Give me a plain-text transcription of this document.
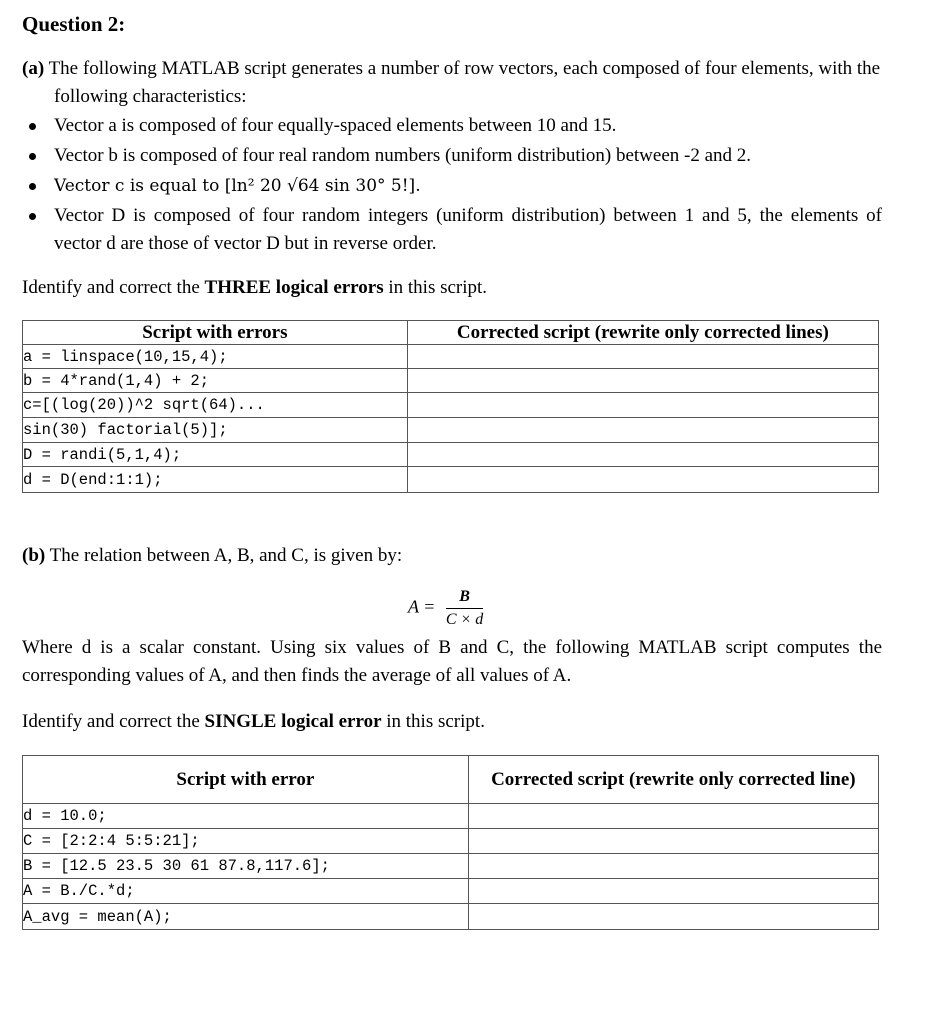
Question 2:
(a) The following MATLAB script generates a number of row vectors, each composed of four elements, with the following characteristics:
Vector a is composed of four equally-spaced elements between 10 and 15.
Vector b is composed of four real random numbers (uniform distribution) between -2 and 2.
Vector c is equal to [ln² 20 √64 sin 30° 5!].
Vector D is composed of four random integers (uniform distribution) between 1 and 5, the elements of vector d are those of vector D but in reverse order.
Identify and correct the THREE logical errors in this script.
Script with errors	Corrected script (rewrite only corrected lines)
a = linspace(10,15,4);	
b = 4*rand(1,4) + 2;	
c=[(log(20))^2 sqrt(64)...	
sin(30) factorial(5)];	
D = randi(5,1,4);	
d = D(end:1:1);	
(b) The relation between A, B, and C, is given by:
$A = \frac{B}{C \times d}$
Where d is a scalar constant. Using six values of B and C, the following MATLAB script computes the corresponding values of A, and then finds the average of all values of A.
Identify and correct the SINGLE logical error in this script.
Script with error	Corrected script (rewrite only corrected line)
d = 10.0;	
C = [2:2:4 5:5:21];	
B = [12.5 23.5 30 61 87.8,117.6];	
A = B./C.*d;	
A_avg = mean(A);	
